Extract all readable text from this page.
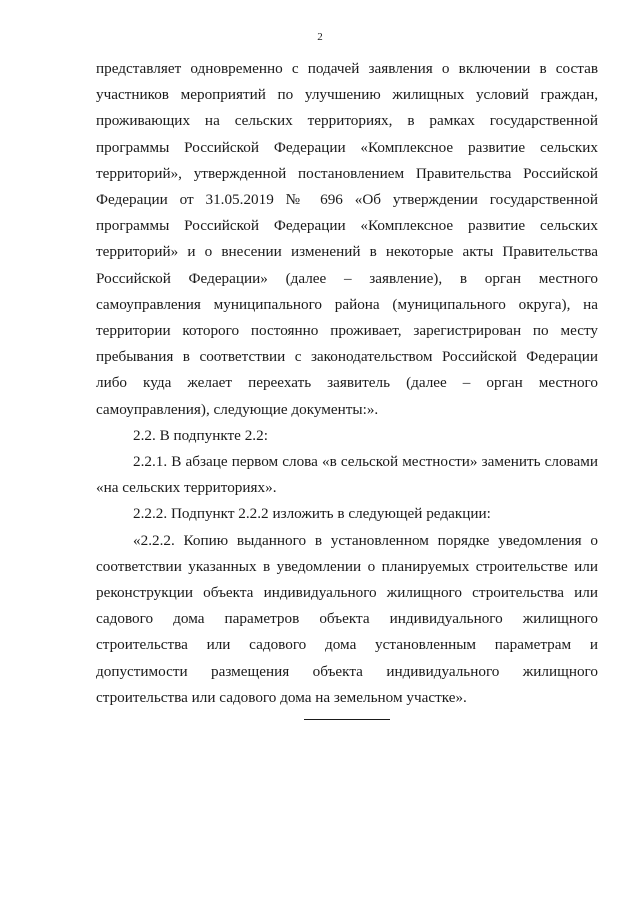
2

представляет одновременно с подачей заявления о включении в состав участников мероприятий по улучшению жилищных условий граждан, проживающих на сельских территориях, в рамках государственной программы Российской Федерации «Комплексное развитие сельских территорий», утвержденной постановлением Правительства Российской Федерации от 31.05.2019 № 696 «Об утверждении государственной программы Российской Федерации «Комплексное развитие сельских территорий» и о внесении изменений в некоторые акты Правительства Российской Федерации» (далее – заявление), в орган местного самоуправления муниципального района (муниципального округа), на территории которого постоянно проживает, зарегистрирован по месту пребывания в соответствии с законодательством Российской Федерации либо куда желает переехать заявитель (далее – орган местного самоуправления), следующие документы:».

2.2. В подпункте 2.2:

2.2.1. В абзаце первом слова «в сельской местности» заменить словами «на сельских территориях».

2.2.2. Подпункт 2.2.2 изложить в следующей редакции:

«2.2.2. Копию выданного в установленном порядке уведомления о соответствии указанных в уведомлении о планируемых строительстве или реконструкции объекта индивидуального жилищного строительства или садового дома параметров объекта индивидуального жилищного строительства или садового дома установленным параметрам и допустимости размещения объекта индивидуального жилищного строительства или садового дома на земельном участке».
